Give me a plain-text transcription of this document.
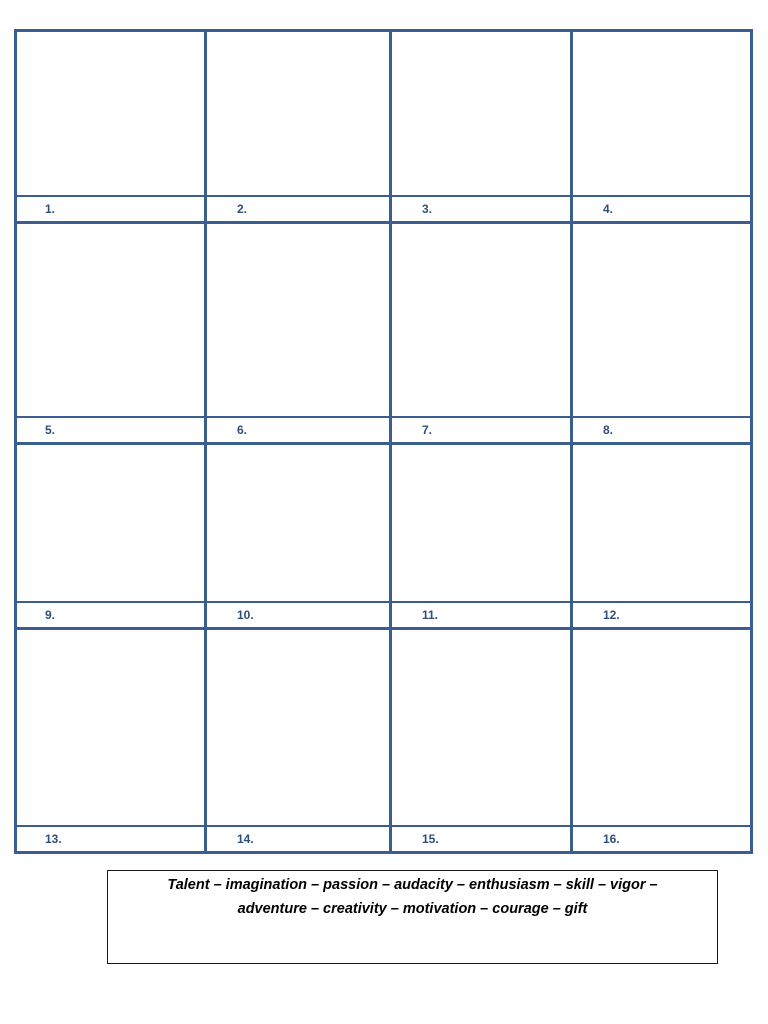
1.	2.	3.	4.
5.	6.	7.	8.
9.	10.	11.	12.
13.	14.	15.	16.

Talent – imagination – passion – audacity – enthusiasm – skill – vigor –

adventure – creativity – motivation – courage – gift
